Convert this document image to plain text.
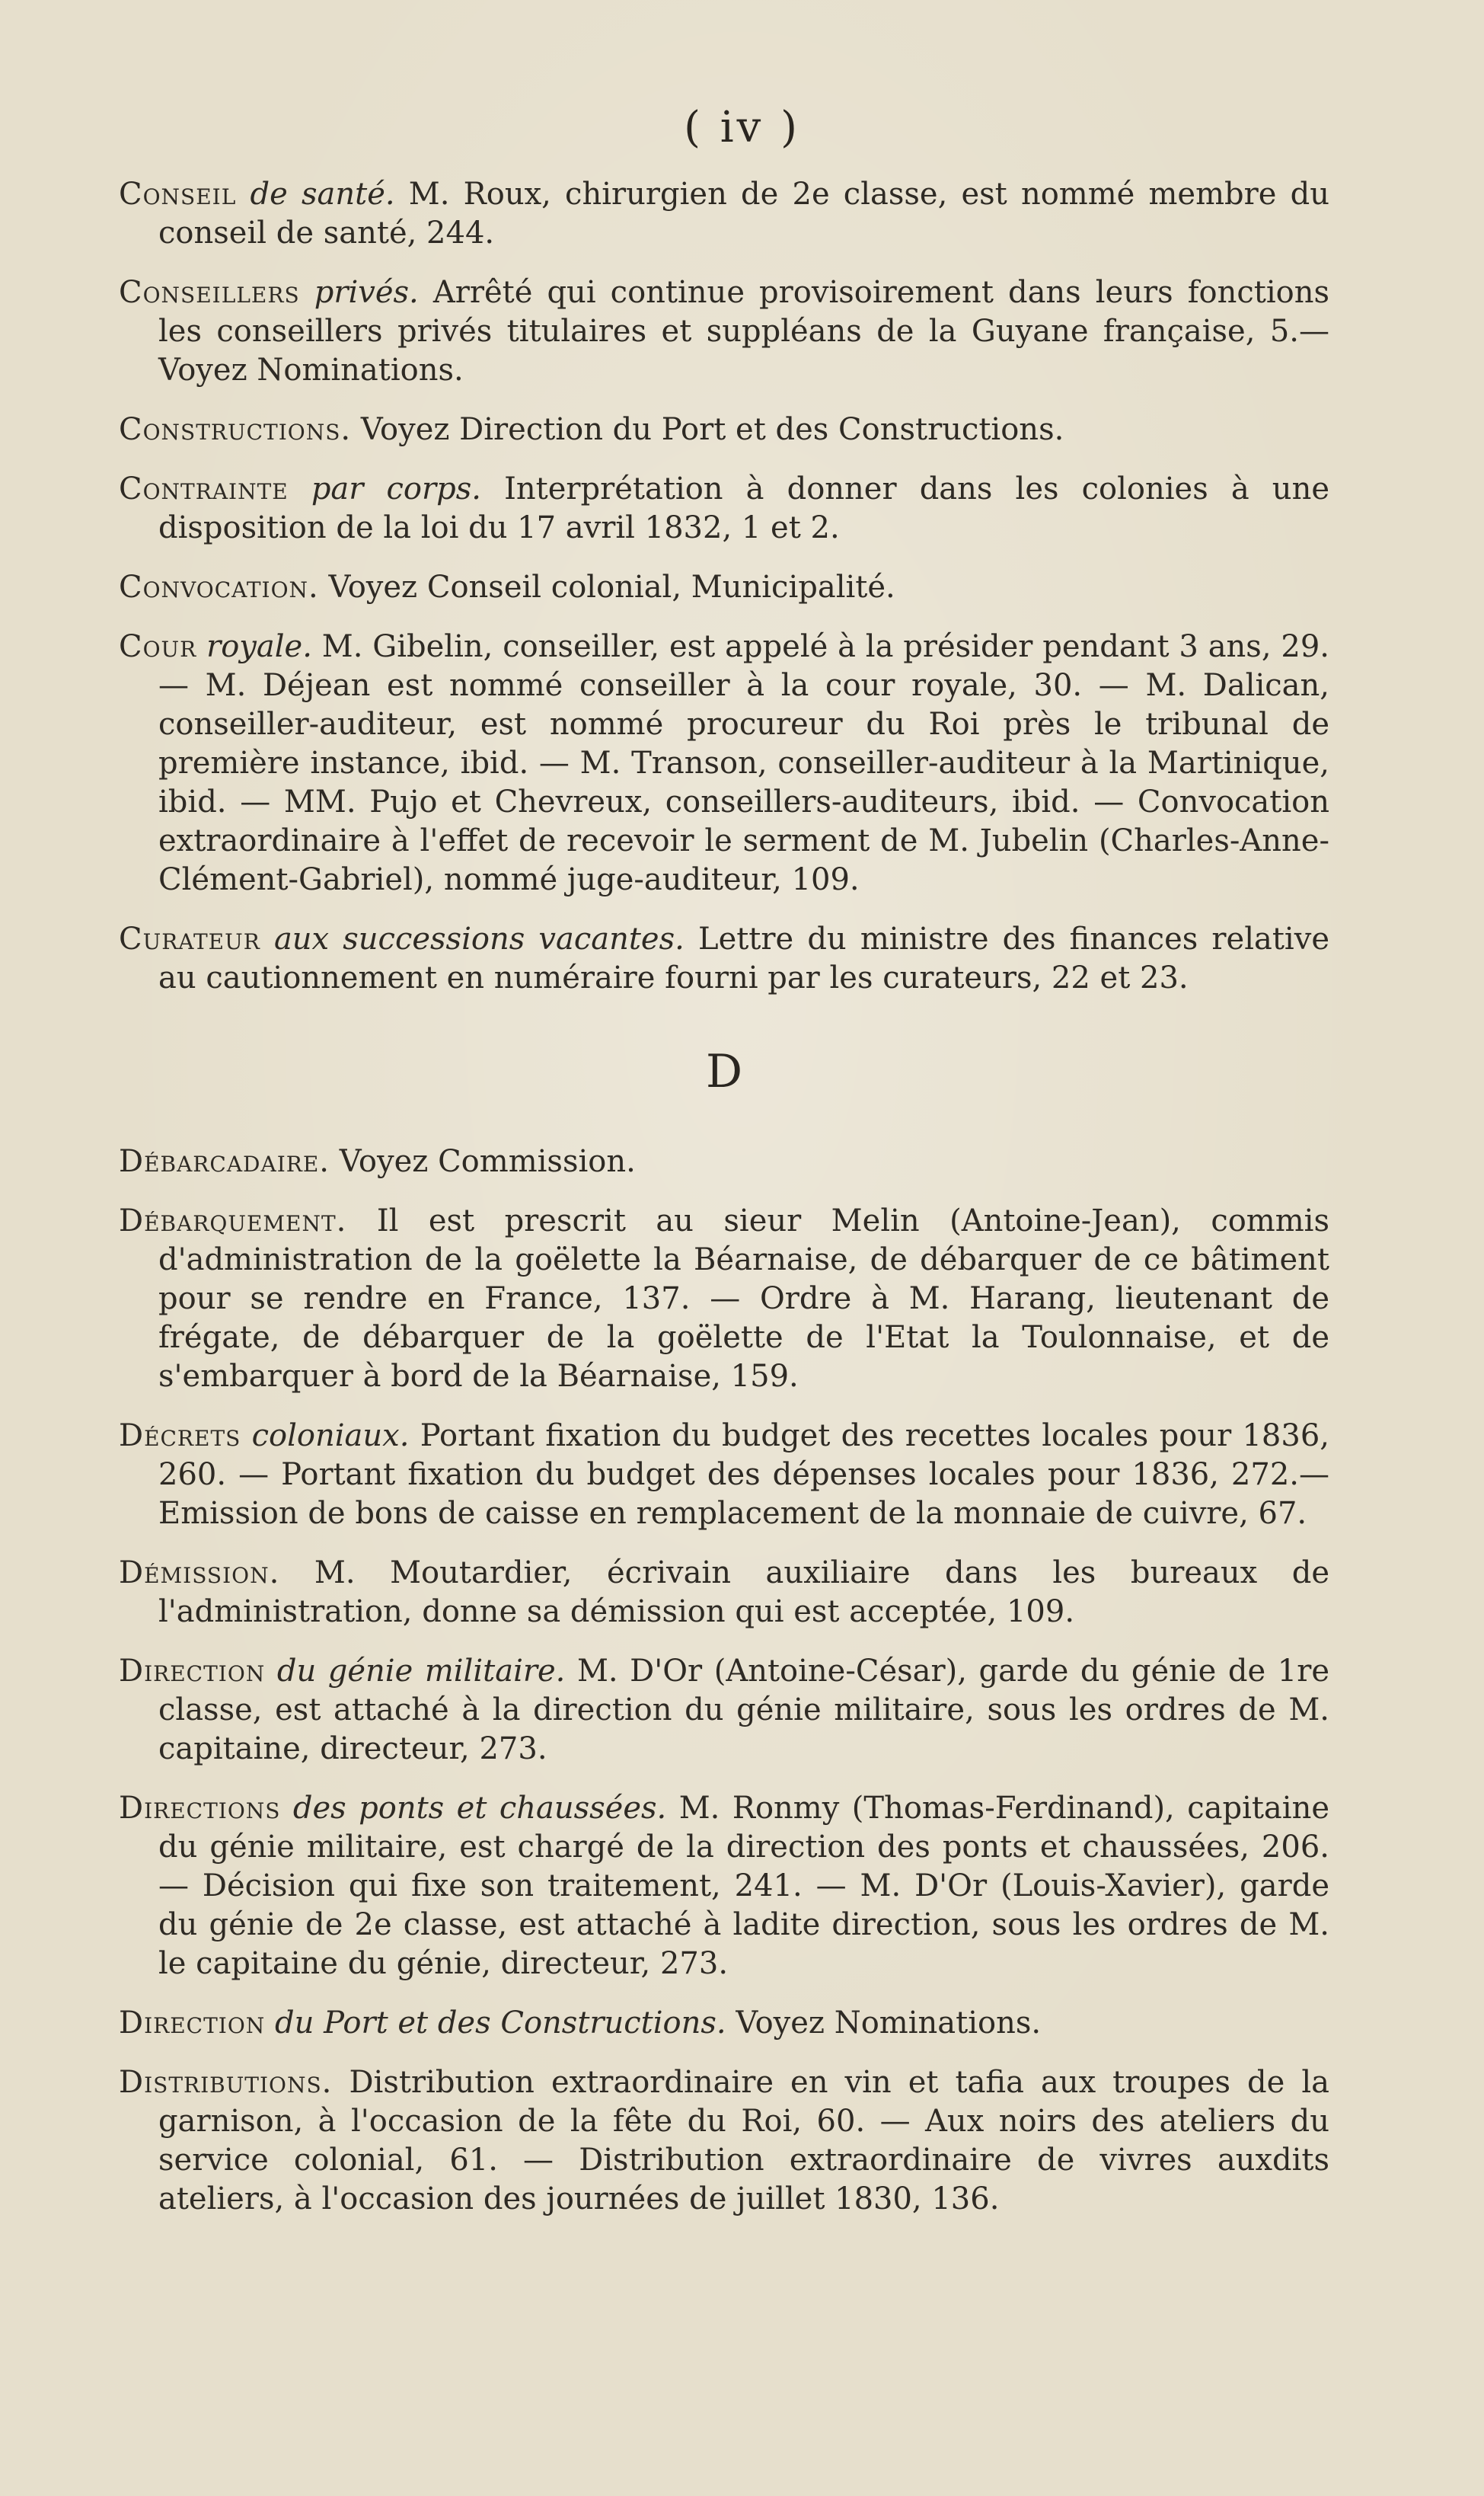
( iv )

Conseil de santé. M. Roux, chirurgien de 2e classe, est nommé membre du conseil de santé, 244.

Conseillers privés. Arrêté qui continue provisoirement dans leurs fonctions les conseillers privés titulaires et suppléans de la Guyane française, 5.— Voyez Nominations.

Constructions. Voyez Direction du Port et des Constructions.

Contrainte par corps. Interprétation à donner dans les colonies à une disposition de la loi du 17 avril 1832, 1 et 2.

Convocation. Voyez Conseil colonial, Municipalité.

Cour royale. M. Gibelin, conseiller, est appelé à la présider pendant 3 ans, 29. — M. Déjean est nommé conseiller à la cour royale, 30. — M. Dalican, conseiller-auditeur, est nommé procureur du Roi près le tribunal de première instance, ibid. — M. Transon, conseiller-auditeur à la Martinique, ibid. — MM. Pujo et Chevreux, conseillers-auditeurs, ibid. — Convocation extraordinaire à l'effet de recevoir le serment de M. Jubelin (Charles-Anne-Clément-Gabriel), nommé juge-auditeur, 109.

Curateur aux successions vacantes. Lettre du ministre des finances relative au cautionnement en numéraire fourni par les curateurs, 22 et 23.

D

Débarcadaire. Voyez Commission.

Débarquement. Il est prescrit au sieur Melin (Antoine-Jean), commis d'administration de la goëlette la Béarnaise, de débarquer de ce bâtiment pour se rendre en France, 137. — Ordre à M. Harang, lieutenant de frégate, de débarquer de la goëlette de l'Etat la Toulonnaise, et de s'embarquer à bord de la Béarnaise, 159.

Décrets coloniaux. Portant fixation du budget des recettes locales pour 1836, 260. — Portant fixation du budget des dépenses locales pour 1836, 272.— Emission de bons de caisse en remplacement de la monnaie de cuivre, 67.

Démission. M. Moutardier, écrivain auxiliaire dans les bureaux de l'administration, donne sa démission qui est acceptée, 109.

Direction du génie militaire. M. D'Or (Antoine-César), garde du génie de 1re classe, est attaché à la direction du génie militaire, sous les ordres de M. capitaine, directeur, 273.

Directions des ponts et chaussées. M. Ronmy (Thomas-Ferdinand), capitaine du génie militaire, est chargé de la direction des ponts et chaussées, 206. — Décision qui fixe son traitement, 241. — M. D'Or (Louis-Xavier), garde du génie de 2e classe, est attaché à ladite direction, sous les ordres de M. le capitaine du génie, directeur, 273.

Direction du Port et des Constructions. Voyez Nominations.

Distributions. Distribution extraordinaire en vin et tafia aux troupes de la garnison, à l'occasion de la fête du Roi, 60. — Aux noirs des ateliers du service colonial, 61. — Distribution extraordinaire de vivres auxdits ateliers, à l'occasion des journées de juillet 1830, 136.
